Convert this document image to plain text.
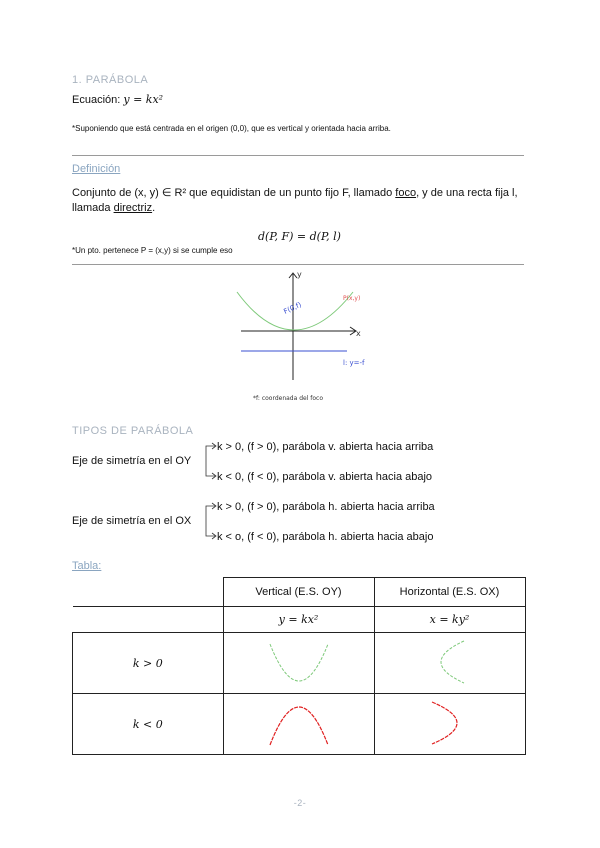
1. PARÁBOLA
Ecuación: y = kx²
*Suponiendo que está centrada en el origen (0,0), que es vertical y orientada hacia arriba.
Definición
Conjunto de (x, y) ∈ R² que equidistan de un punto fijo F, llamado foco, y de una recta fija l,
llamada directriz.
d(P, F) = d(P, l)
*Un pto. pertenece P = (x,y) si se cumple eso
y
x
F(0,f)
P(x,y)
l: y=-f
*f: coordenada del foco
TIPOS DE PARÁBOLA
Eje de simetría en el OY
k > 0, (f > 0), parábola v. abierta hacia arriba
k < 0, (f < 0), parábola v. abierta hacia abajo
Eje de simetría en el OX
k > 0, (f > 0), parábola h. abierta hacia arriba
k < o, (f < 0), parábola h. abierta hacia abajo
Tabla:
	Vertical (E.S. OY)	Horizontal (E.S. OX)
	y = kx²	x = ky²
k > 0		
k < 0		
-2-
